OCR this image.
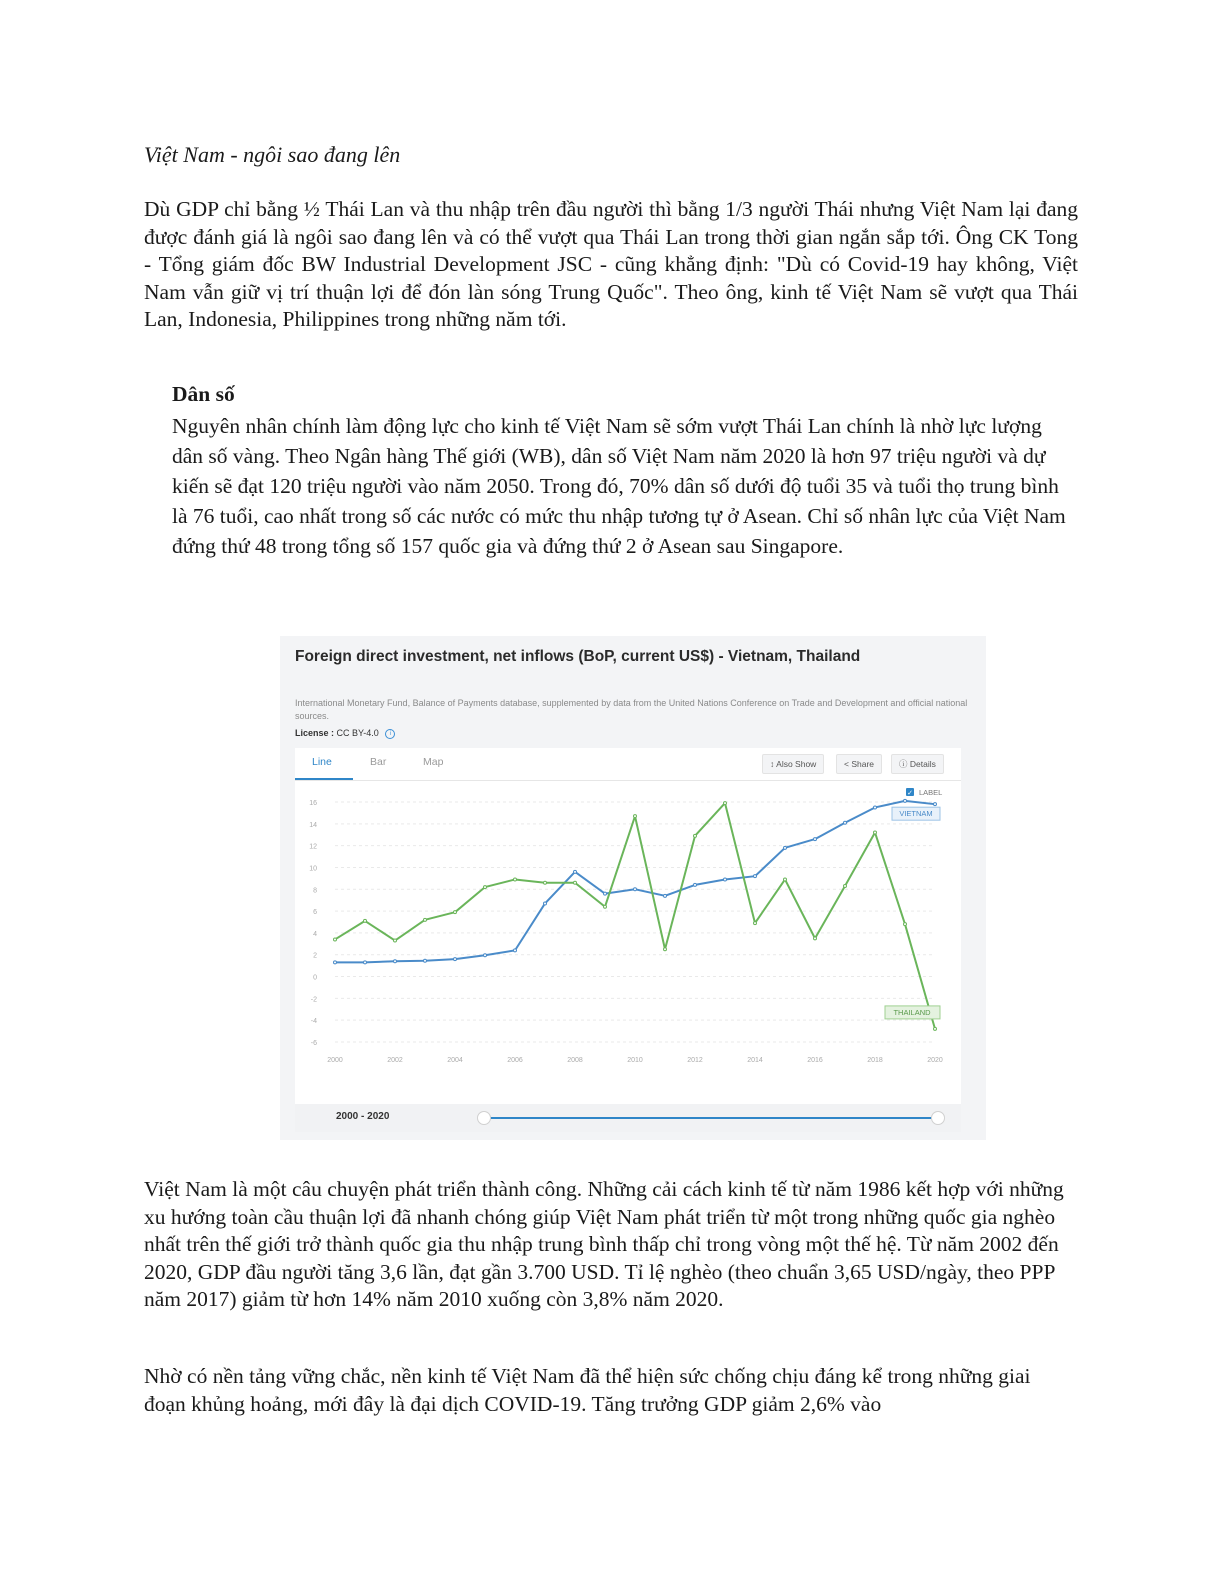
Việt Nam - ngôi sao đang lên

Dù GDP chỉ bằng ½ Thái Lan và thu nhập trên đầu người thì bằng 1/3 người Thái nhưng Việt Nam lại đang được đánh giá là ngôi sao đang lên và có thể vượt qua Thái Lan trong thời gian ngắn sắp tới. Ông CK Tong - Tổng giám đốc BW Industrial Development JSC - cũng khẳng định: "Dù có Covid-19 hay không, Việt Nam vẫn giữ vị trí thuận lợi để đón làn sóng Trung Quốc". Theo ông, kinh tế Việt Nam sẽ vượt qua Thái Lan, Indonesia, Philippines trong những năm tới.

Dân số

Nguyên nhân chính làm động lực cho kinh tế Việt Nam sẽ sớm vượt Thái Lan chính là nhờ lực lượng dân số vàng. Theo Ngân hàng Thế giới (WB), dân số Việt Nam năm 2020 là hơn 97 triệu người và dự kiến sẽ đạt 120 triệu người vào năm 2050. Trong đó, 70% dân số dưới độ tuổi 35 và tuổi thọ trung bình là 76 tuổi, cao nhất trong số các nước có mức thu nhập tương tự ở Asean. Chỉ số nhân lực của Việt Nam đứng thứ 48 trong tổng số 157 quốc gia và đứng thứ 2 ở Asean sau Singapore.

Foreign direct investment, net inflows (BoP, current US$) - Vietnam, Thailand

International Monetary Fund, Balance of Payments database, supplemented by data from the United Nations Conference on Trade and Development and official national sources.

License : CC BY-4.0 i
Line	Bar	Map	↕ Also Show	< Share	ⓘ Details
16
14
12
10
8
6
4
2
0
-2
-4
-6
2000	2002	2004	2006	2008	2010	2012	2014	2016	2018	2020
VIETNAM
THAILAND
✓ LABEL
2000 - 2020

Việt Nam là một câu chuyện phát triển thành công. Những cải cách kinh tế từ năm 1986 kết hợp với những xu hướng toàn cầu thuận lợi đã nhanh chóng giúp Việt Nam phát triển từ một trong những quốc gia nghèo nhất trên thế giới trở thành quốc gia thu nhập trung bình thấp chỉ trong vòng một thế hệ. Từ năm 2002 đến 2020, GDP đầu người tăng 3,6 lần, đạt gần 3.700 USD. Tỉ lệ nghèo (theo chuẩn 3,65 USD/ngày, theo PPP năm 2017) giảm từ hơn 14% năm 2010 xuống còn 3,8% năm 2020.

Nhờ có nền tảng vững chắc, nền kinh tế Việt Nam đã thể hiện sức chống chịu đáng kể trong những giai đoạn khủng hoảng, mới đây là đại dịch COVID-19. Tăng trưởng GDP giảm 2,6% vào
